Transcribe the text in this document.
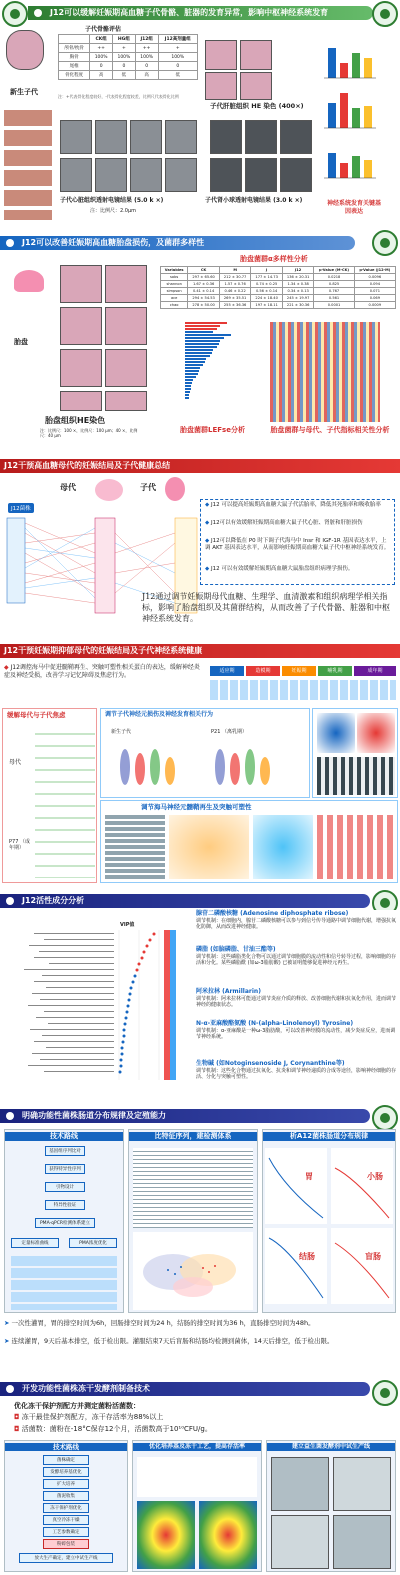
J12可以缓解妊娠期高血糖子代骨骼、脏器的发育异常，影响中枢神经系统发育
新生子代
子代骨骼评估
	CK组	HG组	J12组	J12高剂量组
颅骨/枕骨	++	+	++	+
胸骨	100%	100%	100%	100%
尾椎	0	0	0	0
骨化程度	高	低	高	低
注：+代表骨化程度较好，-代表骨化程度较差，比例尺代表骨化比例
子代肝脏组织 HE 染色 (400×)
神经系统发育关键基因表达
子代心脏组织透射电镜结果 (5.0 k ×)
注：比例尺：2.0μm
子代肾小球透射电镜结果 (3.0 k ×)
J12可以改善妊娠期高血糖胎盘损伤，及菌群多样性
胎盘
胎盘组织HE染色
注：比例尺：100 ×，比例尺：100 μm；40 ×，比例尺：40 μm
胎盘菌群α多样性分析
Variables	CK	M	J	J12	p-Value (M-CK)	p-Value (J12-M)
sobs	297 ± 65.60	212 ± 30.77	177 ± 14.73	136 ± 20.31	0.0218	0.0096
shannon	1.67 ± 0.36	1.57 ± 0.76	0.74 ± 0.25	1.34 ± 0.38	0.825	0.094
simpson	0.41 ± 0.14	0.46 ± 0.22	0.56 ± 0.14	0.34 ± 0.13	0.767	0.071
ace	294 ± 54.53	269 ± 35.51	224 ± 18.40	245 ± 19.97	0.561	0.069
chao	278 ± 50.00	255 ± 36.36	197 ± 18.11	221 ± 30.36	0.0001	0.0009
胎盘菌群LEFse分析	胎盘菌群与母代、子代指标相关性分析
J12干预高血糖母代的妊娠结局及子代健康总结
母代	子代
J12菌株
◆ J12 可以提高妊娠期高血糖大鼠子代活胎率，降低其死胎率和吸收胎率
◆ J12可以有效缓解妊娠期高血糖大鼠子代心脏、肾脏和肝脏损伤
◆ J12可以降低在 P0 时下调子代海马中 Insr 和 IGF-1R 基因表达水平，上调 AKT 基因表达水平，从而影响妊娠期高血糖大鼠子代中枢神经系统发育。
◆ J12 可以有效缓解妊娠期高血糖大鼠胎盘组织病理学损伤。
J12通过调节妊娠期母代血糖、生理学、血清激素和组织病理学相关指标，影响了胎盘组织及其菌群结构，从而改善了子代骨骼、脏器和中枢神经系统发育。
J12干预妊娠期抑郁母代的妊娠结局及子代神经系统健康
◆ J12调控海马中促进髓鞘再生、突触可塑性相关蛋白的表达，缓解神经炎症及神经受损，改善学习记忆障碍及焦虑行为。
适应期	造模期	妊娠期	哺乳期	成年期
缓解母代与子代焦虑
母代
P77 （成年期）
调节子代神经元损伤及神经发育相关行为
新生子代	P21 （离乳期）
调节海马神经元髓鞘再生及突触可塑性
J12活性成分分析
VIP值
腺苷二磷酸核糖 (Adenosine diphosphate ribose)
调节机制：在细胞内，腺苷二磷酸核糖可以参与到信号传导通路中调节细胞代谢，增强抗氧化防御，从而改进神经健康。
磷脂 (如脑磷脂、甘油三酯等)
调节机制：这些磷脂类化合物可以通过调节细胞膜的流动性和信号转导过程，影响细胞的存活和分化。某些磷脂酰 (如ω-3脂肪酸) 已被证明能够促进神经元再生。
阿米拉林 (Armillarin)
调节机制：阿米拉林可能通过调节炎症介质的释放、改善细胞代谢和抗氧化作用，进而调节神经的健康状态。
N-α-亚麻酸酪氨酸 (N-(alpha-Linolenoyl) Tyrosine)
调节机制：α-亚麻酸是一种ω-3脂肪酸，可以改善神经膜的流动性，减少炎症反应，进而调节神经系统。
生物碱 (如Notoginsenoside J, Corynanthine等)
调节机制：这些化合物通过抗氧化、抗炎和调节神经递质的合成等途径，影响神经细胞的存活、分化与突触可塑性。
明确功能性菌株肠道分布规律及定殖能力
技术路线
基因组序列比对
获得特异性序列
引物设计
特异性验证
PMA-qPCR检测体系建立
定量标准曲线	PMA浓度优化
比特征序列，建检测体系	析A12菌株肠道分布规律
胃	小肠
结肠	盲肠
➤ 一次性灌胃，胃的排空时间为6h，回肠排空时间为24 h，结肠的排空时间为36 h，直肠排空时间为48h。
➤ 连续灌胃，9天后基本排空，低于检出限。灌服结束7天后盲肠和结肠均检测到菌体，14天后排空，低于检出限。
开发功能性菌株冻干发酵剂制备技术
优化冻干保护剂配方并测定菌粉活菌数：
◘ 冻干最佳保护剂配方，冻干存活率为88%以上
◘ 活菌数：菌粉在-18°C保存12个月，活菌数高于10¹⁰CFU/g。
技术路线
菌株确定
发酵培养基优化
扩大培养
菌泥收集
冻干保护剂优化
真空冷冻干燥
工艺参数确定
粉碎包装
放大生产确定，建立中试生产线
优化培养基及冻干工艺，提高存活率	建立益生菌发酵剂中试生产线
